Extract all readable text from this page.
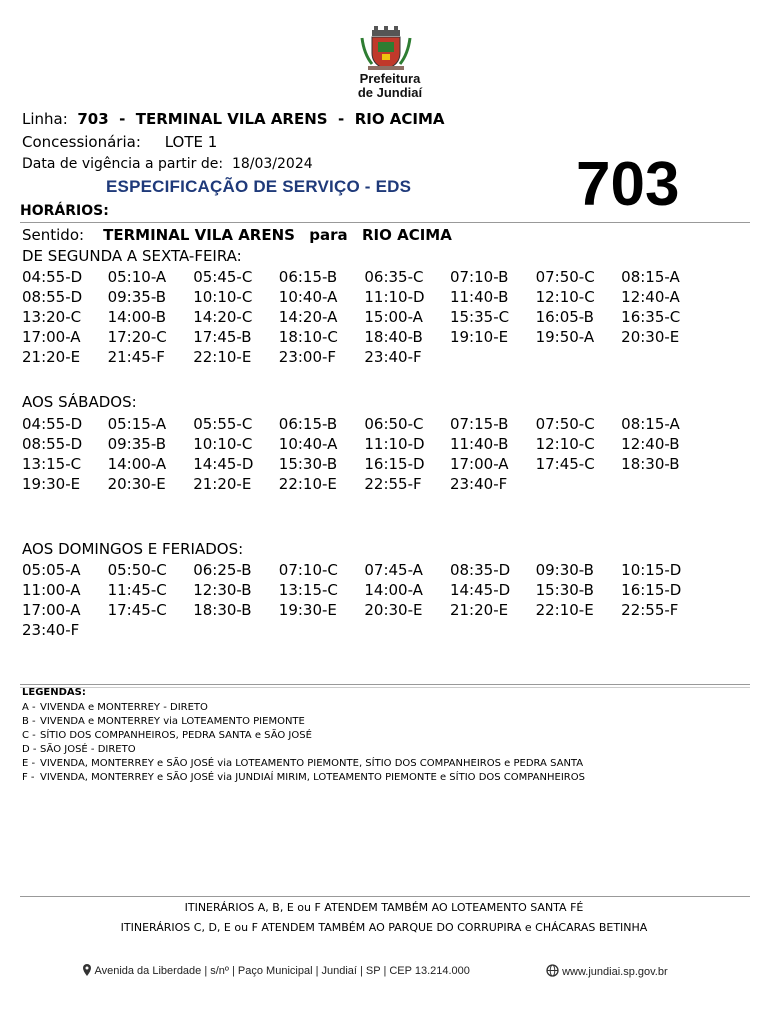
Prefeitura
de Jundiaí
Linha: 703  -  TERMINAL VILA ARENS  -  RIO ACIMA
Concessionária: LOTE 1
Data de vigência a partir de: 18/03/2024
ESPECIFICAÇÃO DE SERVIÇO - EDS	703
HORÁRIOS:
Sentido: TERMINAL VILA ARENS para RIO ACIMA
DE SEGUNDA A SEXTA-FEIRA:
04:55-D	05:10-A	05:45-C	06:15-B	06:35-C	07:10-B	07:50-C	08:15-A
08:55-D	09:35-B	10:10-C	10:40-A	11:10-D	11:40-B	12:10-C	12:40-A
13:20-C	14:00-B	14:20-C	14:20-A	15:00-A	15:35-C	16:05-B	16:35-C
17:00-A	17:20-C	17:45-B	18:10-C	18:40-B	19:10-E	19:50-A	20:30-E
21:20-E	21:45-F	22:10-E	23:00-F	23:40-F
AOS SÁBADOS:
04:55-D	05:15-A	05:55-C	06:15-B	06:50-C	07:15-B	07:50-C	08:15-A
08:55-D	09:35-B	10:10-C	10:40-A	11:10-D	11:40-B	12:10-C	12:40-B
13:15-C	14:00-A	14:45-D	15:30-B	16:15-D	17:00-A	17:45-C	18:30-B
19:30-E	20:30-E	21:20-E	22:10-E	22:55-F	23:40-F
AOS DOMINGOS E FERIADOS:
05:05-A	05:50-C	06:25-B	07:10-C	07:45-A	08:35-D	09:30-B	10:15-D
11:00-A	11:45-C	12:30-B	13:15-C	14:00-A	14:45-D	15:30-B	16:15-D
17:00-A	17:45-C	18:30-B	19:30-E	20:30-E	21:20-E	22:10-E	22:55-F
23:40-F
LEGENDAS:
A - VIVENDA e MONTERREY - DIRETO
B - VIVENDA e MONTERREY via LOTEAMENTO PIEMONTE
C - SÍTIO DOS COMPANHEIROS, PEDRA SANTA e SÃO JOSÉ
D - SÃO JOSÉ - DIRETO
E - VIVENDA, MONTERREY e SÃO JOSÉ via LOTEAMENTO PIEMONTE, SÍTIO DOS COMPANHEIROS e PEDRA SANTA
F - VIVENDA, MONTERREY e SÃO JOSÉ via JUNDIAÍ MIRIM, LOTEAMENTO PIEMONTE e SÍTIO DOS COMPANHEIROS
ITINERÁRIOS A, B, E ou F ATENDEM TAMBÉM AO LOTEAMENTO SANTA FÉ
ITINERÁRIOS C, D, E ou F ATENDEM TAMBÉM AO PARQUE DO CORRUPIRA e CHÁCARAS BETINHA
Avenida da Liberdade | s/nº | Paço Municipal | Jundiaí | SP | CEP 13.214.000	www.jundiai.sp.gov.br
